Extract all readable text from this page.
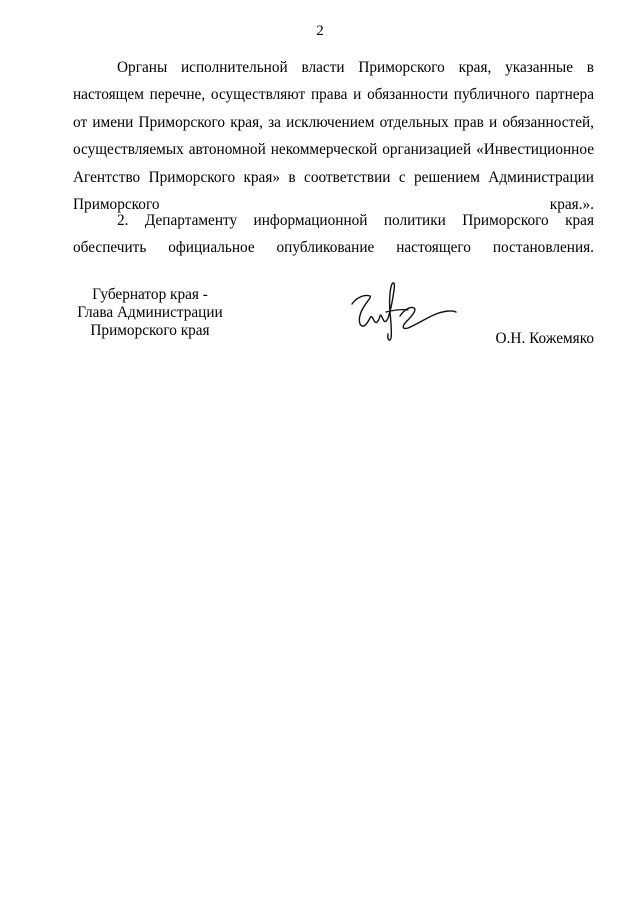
2
Органы исполнительной власти Приморского края, указанные в
настоящем перечне, осуществляют права и обязанности публичного партнера
от имени Приморского края, за исключением отдельных прав и обязанностей,
осуществляемых автономной некоммерческой организацией «Инвестиционное
Агентство Приморского края» в соответствии с решением Администрации
Приморского края.».
2. Департаменту информационной политики Приморского края
обеспечить официальное опубликование настоящего постановления.
Губернатор края -
Глава Администрации
Приморского края	О.Н. Кожемяко
